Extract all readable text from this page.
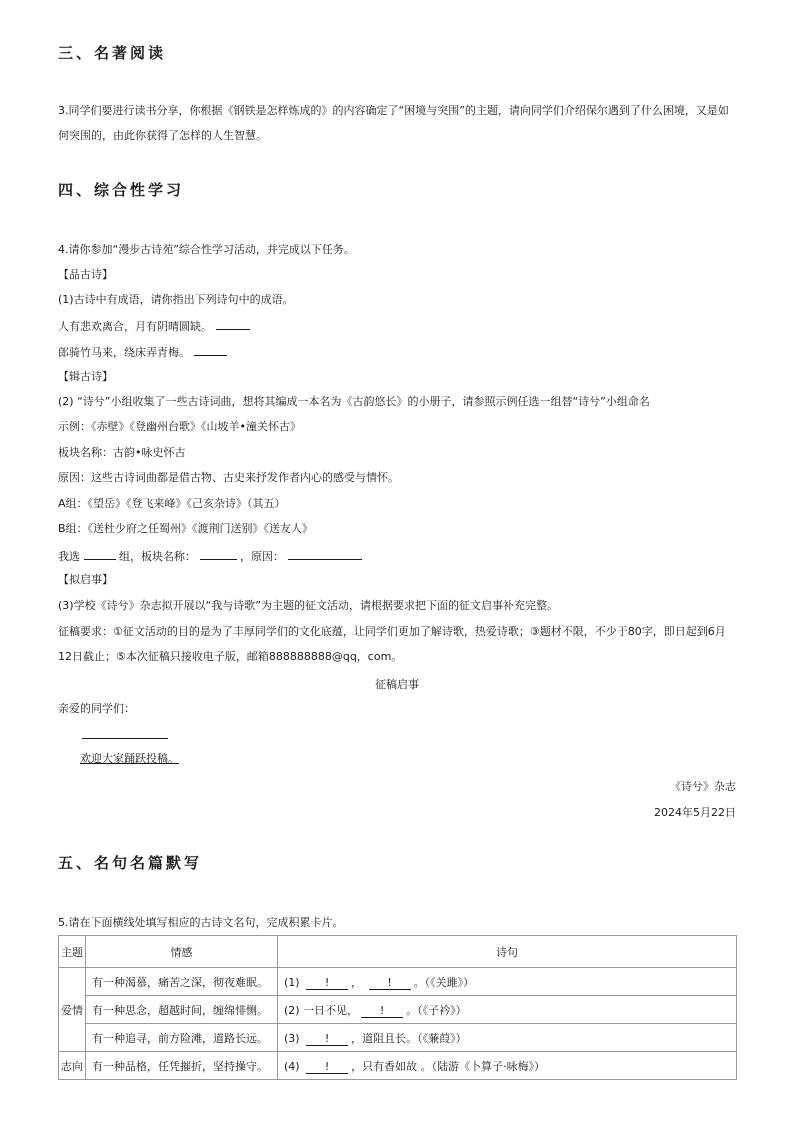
三、名著阅读
3.同学们要进行读书分享，你根据《钢铁是怎样炼成的》的内容确定了“困境与突围”的主题，请向同学们介绍保尔遇到了什么困境，又是如何突围的，由此你获得了怎样的人生智慧。
四、综合性学习
4.请你参加“漫步古诗苑”综合性学习活动，并完成以下任务。
【品古诗】
(1)古诗中有成语，请你指出下列诗句中的成语。
人有悲欢离合，月有阴晴圆缺。
郎骑竹马来，绕床弄青梅。
【辑古诗】
(2) “诗兮”小组收集了一些古诗词曲，想将其编成一本名为《古韵悠长》的小册子，请参照示例任选一组替“诗兮”小组命名
示例：《赤壁》《登幽州台歌》《山坡羊•潼关怀古》
板块名称：古韵•咏史怀古
原因：这些古诗词曲都是借古物、古史来抒发作者内心的感受与情怀。
A组：《望岳》《登飞来峰》《己亥杂诗》（其五）
B组：《送杜少府之任蜀州》《渡荆门送别》《送友人》
我选	组，板块名称：	，原因：
【拟启事】
(3)学校《诗兮》杂志拟开展以“我与诗歌”为主题的征文活动，请根据要求把下面的征文启事补充完整。
征稿要求：①征文活动的目的是为了丰厚同学们的文化底蕴，让同学们更加了解诗歌，热爱诗歌；③题材不限，不少于80字，即日起到6月12日截止；⑤本次征稿只接收电子版，邮箱888888888@qq，com。
征稿启事
亲爱的同学们：
欢迎大家踊跃投稿。
《诗兮》杂志
2024年5月22日
五、名句名篇默写
5.请在下面横线处填写相应的古诗文名句，完成积累卡片。
主题	情感	诗句
爱情	有一种渴慕，痛苦之深，彻夜难眠。	(1) ! ， ! 。（《关雎》）
	有一种思念，超越时间，缠绵悱恻。	(2) 一日不见， ! 。（《子衿》）
	有一种追寻，前方险滩，道路长远。	(3) ! ，道阻且长。（《蒹葭》）
志向	有一种品格，任凭摧折，坚持操守。	(4) ! ，只有香如故 。（陆游《卜算子·咏梅》）
